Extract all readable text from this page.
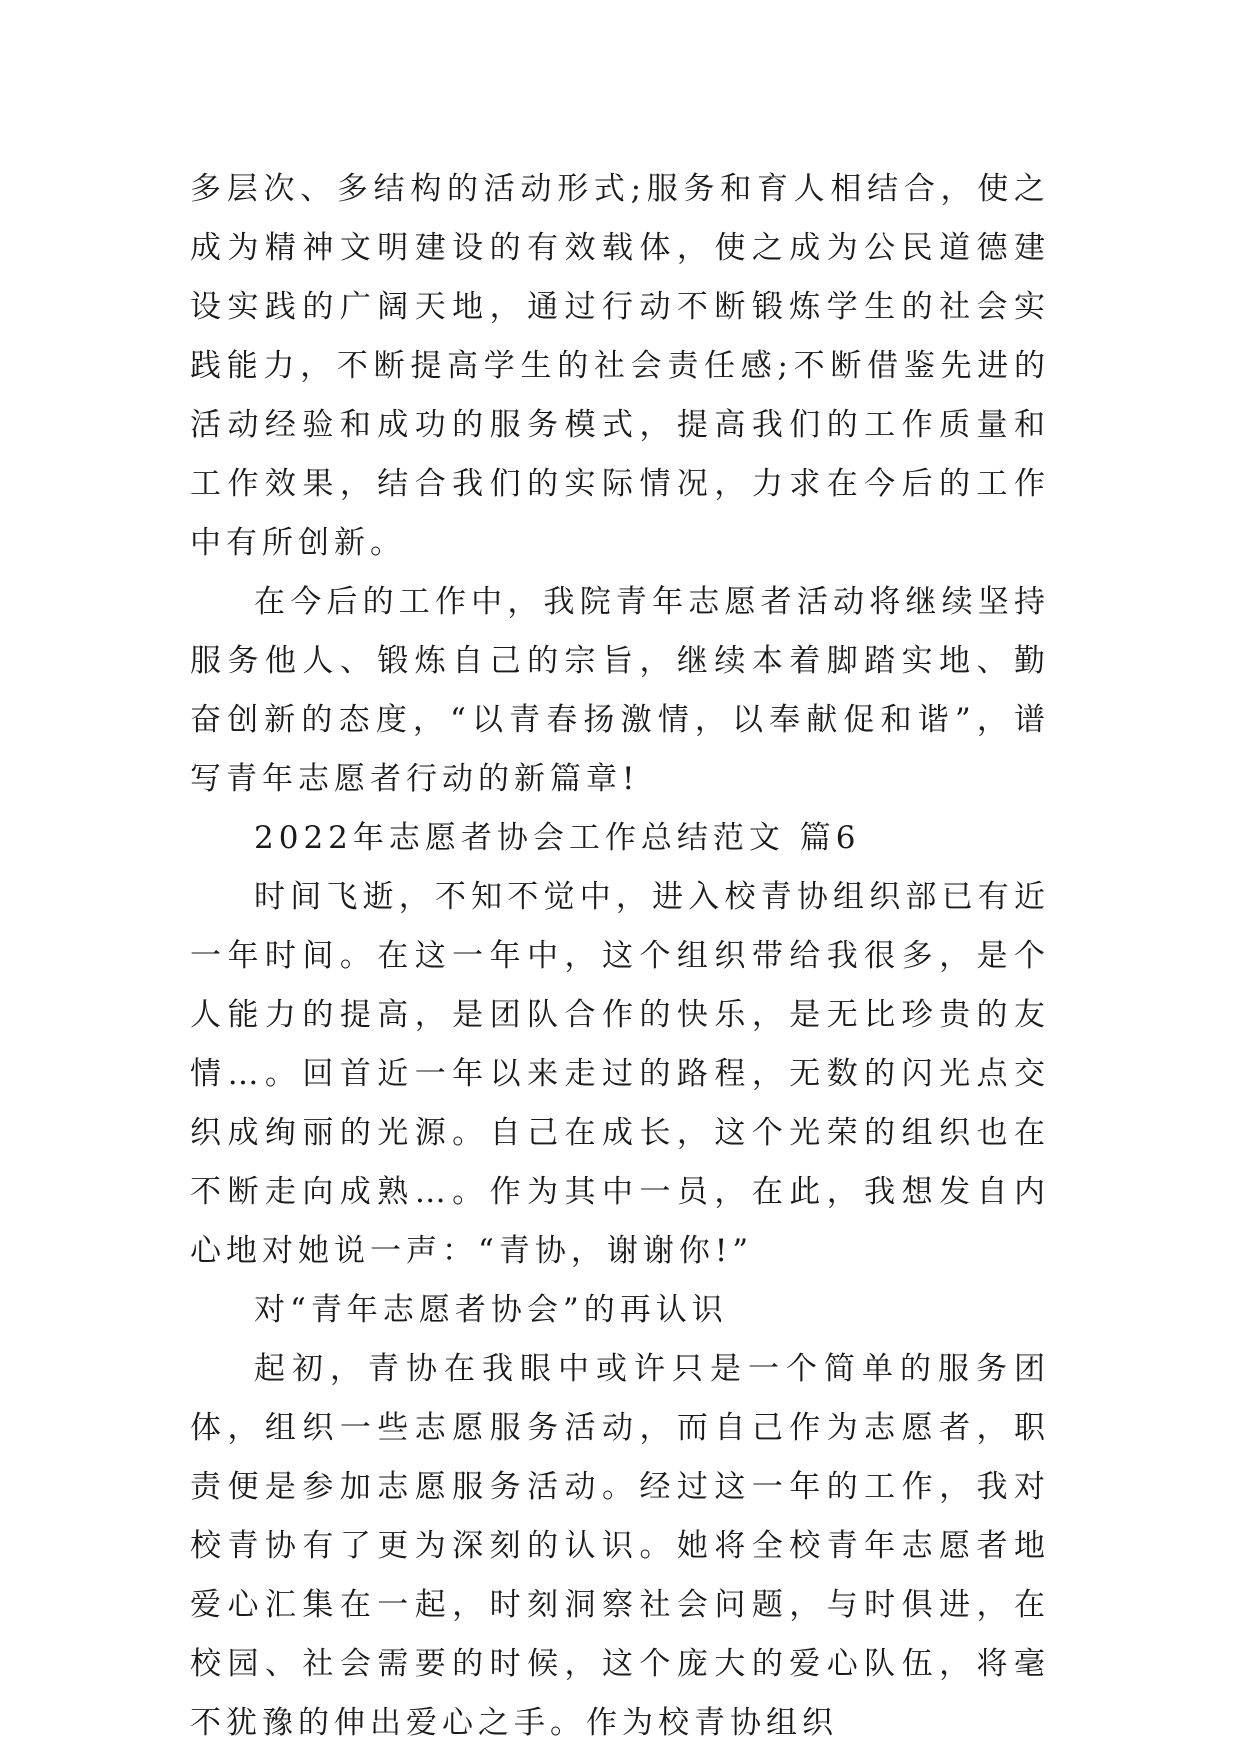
多层次、多结构的活动形式;服务和育人相结合，使之成为精神文明建设的有效载体，使之成为公民道德建设实践的广阔天地，通过行动不断锻炼学生的社会实践能力，不断提高学生的社会责任感;不断借鉴先进的活动经验和成功的服务模式，提高我们的工作质量和工作效果，结合我们的实际情况，力求在今后的工作中有所创新。

在今后的工作中，我院青年志愿者活动将继续坚持服务他人、锻炼自己的宗旨，继续本着脚踏实地、勤奋创新的态度，“以青春扬激情，以奉献促和谐”，谱写青年志愿者行动的新篇章!

2022年志愿者协会工作总结范文 篇6

时间飞逝，不知不觉中，进入校青协组织部已有近一年时间。在这一年中，这个组织带给我很多，是个人能力的提高，是团队合作的快乐，是无比珍贵的友情…。回首近一年以来走过的路程，无数的闪光点交织成绚丽的光源。自己在成长，这个光荣的组织也在不断走向成熟…。作为其中一员，在此，我想发自内心地对她说一声：“青协，谢谢你!”

对“青年志愿者协会”的再认识

起初，青协在我眼中或许只是一个简单的服务团体，组织一些志愿服务活动，而自己作为志愿者，职责便是参加志愿服务活动。经过这一年的工作，我对校青协有了更为深刻的认识。她将全校青年志愿者地爱心汇集在一起，时刻洞察社会问题，与时俱进，在校园、社会需要的时候，这个庞大的爱心队伍，将毫不犹豫的伸出爱心之手。作为校青协组织
